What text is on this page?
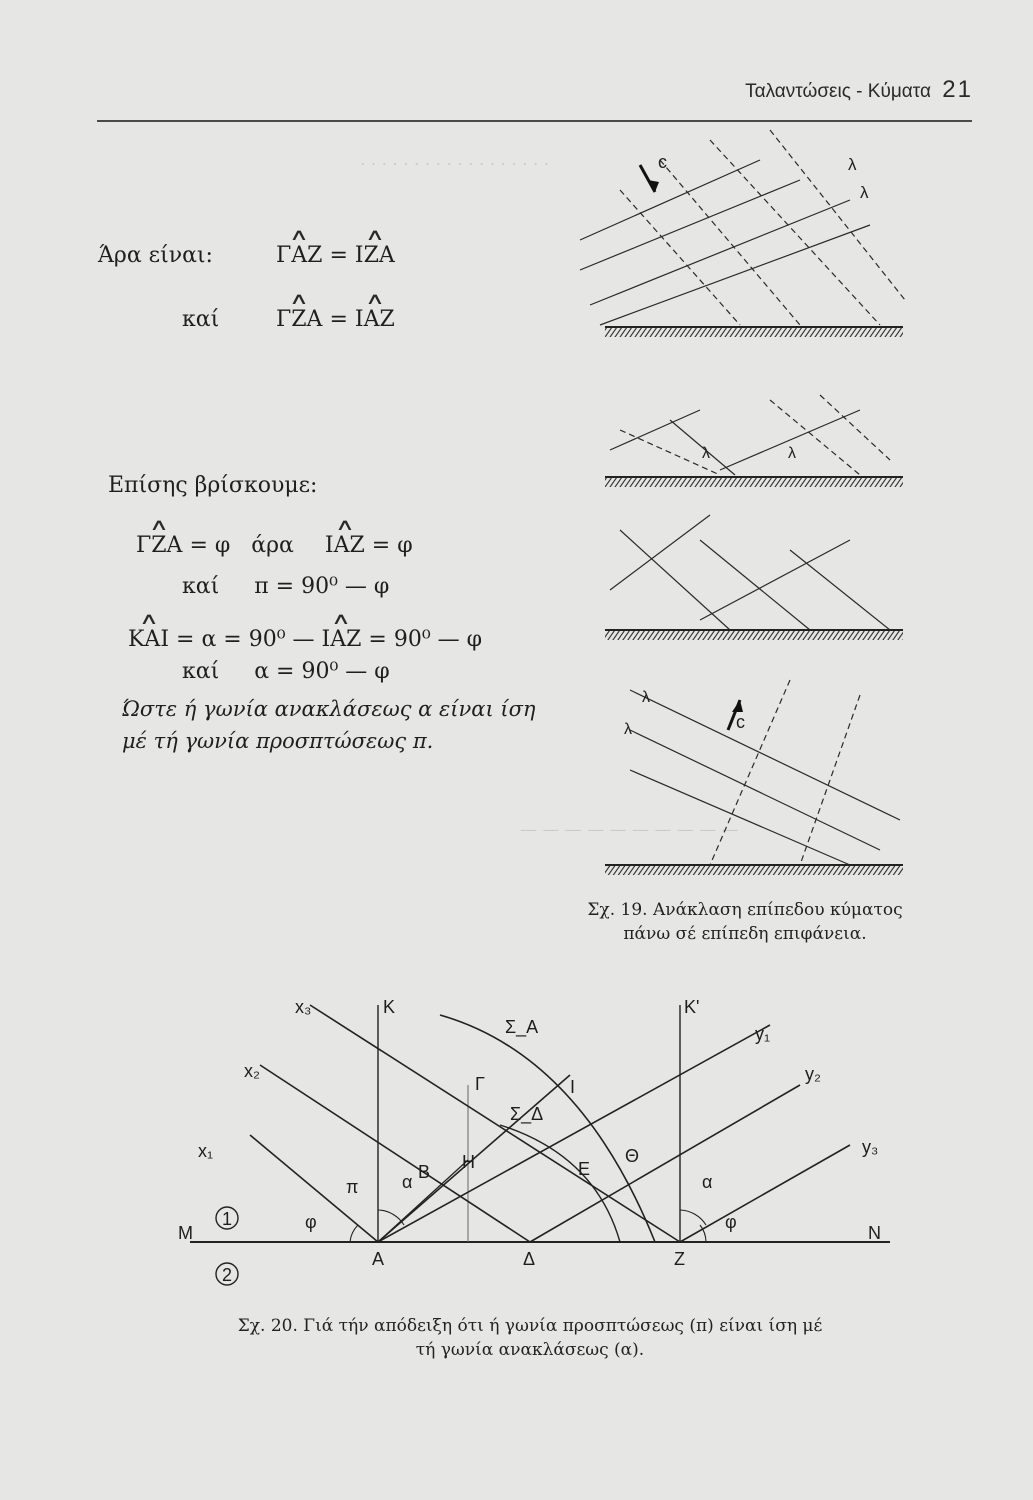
. . . . . . . . . . . . . . . . . .
— — — — — — — — — —
Ταλαντώσεις - Κύματα 21
Άρα είναι:	∧ ΓΑΖ = ∧ ΙΖΑ
καί	∧ ΓΖΑ = ∧ ΙΑΖ
Επίσης βρίσκουμε:
∧ ΓΖΑ = φ   άρα ∧ ΙΑΖ = φ
καί     π = 90⁰ — φ
∧ ΚΑΙ = α = 90⁰ — ∧ ΙΑΖ = 90⁰ — φ
καί     α = 90⁰ — φ
Ώστε ή γωνία ανακλάσεως α είναι ίση
μέ τή γωνία προσπτώσεως π.
c	λ
λ
λ	λ
c
λ
λ
Σχ. 19. Ανάκλαση επίπεδου κύματος
πάνω σέ επίπεδη επιφάνεια.
1
2
x₁
x₂
x₃	K	K'
y₁
y₂
y₃
Σ_A
Σ_Δ
Γ	I
B H	E
Θ
π α	α
φ	φ
M	N
A	Δ	Z
Σχ. 20. Γιά τήν απόδειξη ότι ή γωνία προσπτώσεως (π) είναι ίση μέ
τή γωνία ανακλάσεως (α).
